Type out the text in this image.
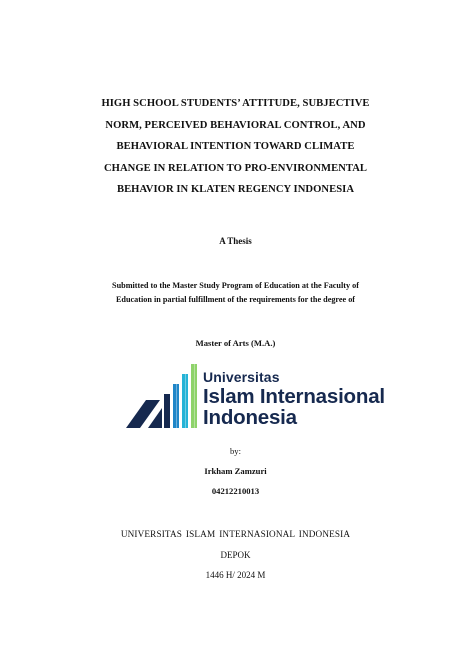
HIGH SCHOOL STUDENTS’ ATTITUDE, SUBJECTIVE
NORM, PERCEIVED BEHAVIORAL CONTROL, AND
BEHAVIORAL INTENTION TOWARD CLIMATE
CHANGE IN RELATION TO PRO-ENVIRONMENTAL
BEHAVIOR IN KLATEN REGENCY INDONESIA
A Thesis
Submitted to the Master Study Program of Education at the Faculty of
Education in partial fulfillment of the requirements for the degree of
Master of Arts (M.A.)
Universitas
Islam Internasional
Indonesia
by:
Irkham Zamzuri
04212210013
UNIVERSITAS ISLAM INTERNASIONAL INDONESIA
DEPOK
1446 H/ 2024 M
